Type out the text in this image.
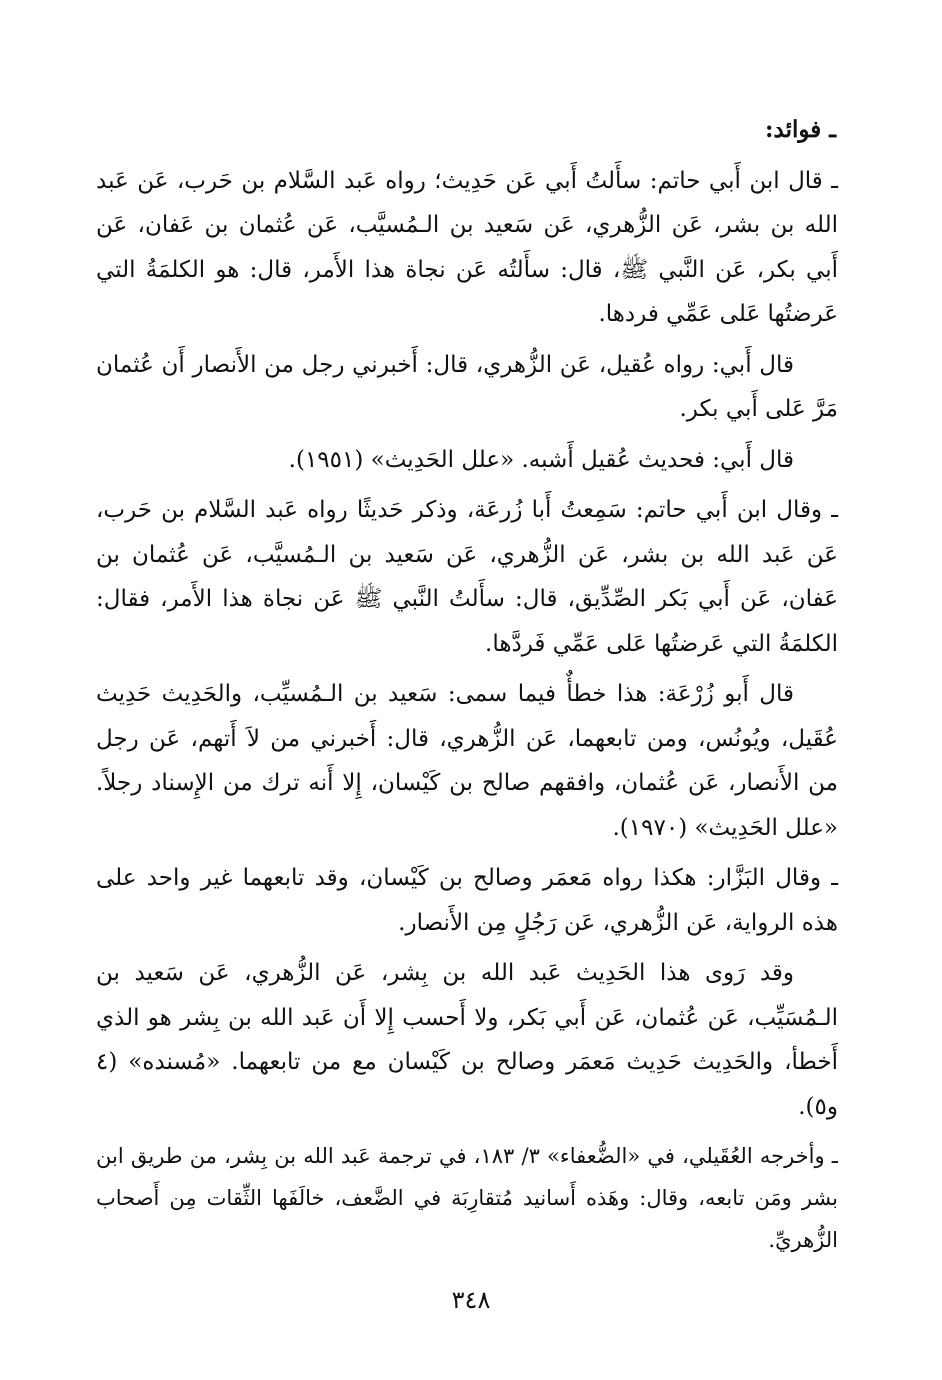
ـ فوائد:

ـ قال ابن أَبي حاتم: سأَلتُ أَبي عَن حَدِيث؛ رواه عَبد السَّلام بن حَرب، عَن عَبد الله بن بشر، عَن الزُّهري، عَن سَعيد بن الـمُسيَّب، عَن عُثمان بن عَفان، عَن أَبي بكر، عَن النَّبي ﷺ، قال: سأَلتُه عَن نجاة هذا الأَمر، قال: هو الكلمَةُ التي عَرضتُها عَلى عَمِّي فردها.

قال أَبي: رواه عُقيل، عَن الزُّهري، قال: أَخبرني رجل من الأَنصار أَن عُثمان مَرَّ عَلى أَبي بكر.

قال أَبي: فحديث عُقيل أَشبه. «علل الحَدِيث» (١٩٥١).

ـ وقال ابن أَبي حاتم: سَمِعتُ أَبا زُرعَة، وذكر حَديثًا رواه عَبد السَّلام بن حَرب، عَن عَبد الله بن بشر، عَن الزُّهري، عَن سَعيد بن الـمُسيَّب، عَن عُثمان بن عَفان، عَن أَبي بَكر الصِّدِّيق، قال: سأَلتُ النَّبي ﷺ عَن نجاة هذا الأَمر، فقال: الكلمَةُ التي عَرضتُها عَلى عَمِّي فَردَّها.

قال أَبو زُرْعَة: هذا خطأٌ فيما سمى: سَعيد بن الـمُسيِّب، والحَدِيث حَدِيث عُقَيل، ويُونُس، ومن تابعهما، عَن الزُّهري، قال: أَخبرني من لاَ أَتهم، عَن رجل من الأَنصار، عَن عُثمان، وافقهم صالح بن كَيْسان، إِلا أَنه ترك من الإِسناد رجلاً. «علل الحَدِيث» (١٩٧٠).

ـ وقال البَزَّار: هكذا رواه مَعمَر وصالح بن كَيْسان، وقد تابعهما غير واحد على هذه الرواية، عَن الزُّهري، عَن رَجُلٍ مِن الأَنصار.

وقد رَوى هذا الحَدِيث عَبد الله بن بِشر، عَن الزُّهري، عَن سَعيد بن الـمُسَيِّب، عَن عُثمان، عَن أَبي بَكر، ولا أَحسب إِلا أَن عَبد الله بن بِشر هو الذي أَخطأ، والحَدِيث حَدِيث مَعمَر وصالح بن كَيْسان مع من تابعهما. «مُسنده» (٤ و٥).

ـ وأخرجه العُقَيلي، في «الضُّعفاء» ٣/ ١٨٣، في ترجمة عَبد الله بن بِشر، من طريق ابن بشر ومَن تابعه، وقال: وهَذه أَسانيد مُتقارِبَة في الضَّعف، خالَفَها الثِّقات مِن أَصحاب الزُّهريِّ.

٣٤٨
